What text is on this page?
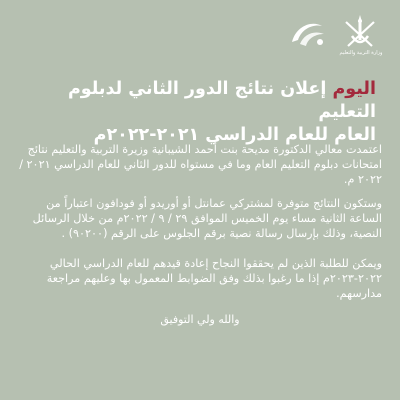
وزارة التربية والتعليم
اليوم إعلان نتائج الدور الثاني لدبلوم التعليم
العام للعام الدراسي ٢٠٢١-٢٠٢٢م

اعتمدت معالي الدكتورة مديحة بنت أحمد الشيبانية وزيرة التربية والتعليم نتائج امتحانات دبلوم التعليم العام وما في مستواه للدور الثاني للعام الدراسي ٢٠٢١ / ٢٠٢٢ م.

وستكون النتائج متوفرة لمشتركي عمانتل أو أوريدو أو فودافون اعتباراً من الساعة الثانية مساء يوم الخميس الموافق ٢٩ / ٩ / ٢٠٢٢م من خلال الرسائل النصية، وذلك بإرسال رسالة نصية برقم الجلوس على الرقم (٩٠٢٠٠) .

ويمكن للطلبة الذين لم يحققوا النجاح إعادة قيدهم للعام الدراسي الحالي ٢٠٢٢-٢٠٢٣م إذا ما رغبوا بذلك وفق الضوابط المعمول بها وعليهم مراجعة مدارسهم.

والله ولي التوفيق
